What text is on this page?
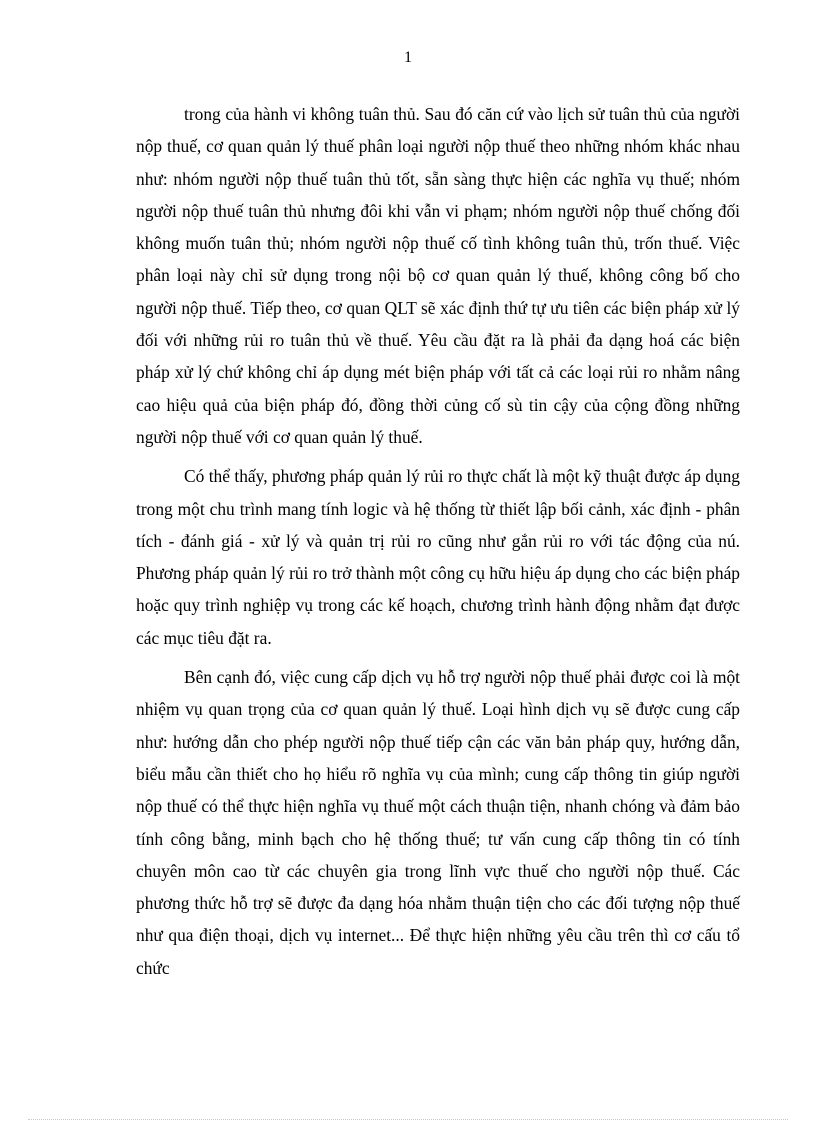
1

trong của hành vi không tuân thủ. Sau đó căn cứ vào lịch sử tuân thủ của người nộp thuế, cơ quan quản lý thuế phân loại người nộp thuế theo những nhóm khác nhau như: nhóm người nộp thuế tuân thủ tốt, sẵn sàng thực hiện các nghĩa vụ thuế; nhóm người nộp thuế tuân thủ nhưng đôi khi vẫn vi phạm; nhóm người nộp thuế chống đối không muốn tuân thủ; nhóm người nộp thuế cố tình không tuân thủ, trốn thuế. Việc phân loại này chỉ sử dụng trong nội bộ cơ quan quản lý thuế, không công bố cho người nộp thuế. Tiếp theo, cơ quan QLT sẽ xác định thứ tự ưu tiên các biện pháp xử lý đối với những rủi ro tuân thủ về thuế. Yêu cầu đặt ra là phải đa dạng hoá các biện pháp xử lý chứ không chỉ áp dụng mét biện pháp với tất cả các loại rủi ro nhằm nâng cao hiệu quả của biện pháp đó, đồng thời củng cố sù tin cậy của cộng đồng những người nộp thuế với cơ quan quản lý thuế.

Có thể thấy, phương pháp quản lý rủi ro thực chất là một kỹ thuật được áp dụng trong một chu trình mang tính logic và hệ thống từ thiết lập bối cảnh, xác định - phân tích - đánh giá - xử lý và quản trị rủi ro cũng như gắn rủi ro với tác động của nú. Phương pháp quản lý rủi ro trở thành một công cụ hữu hiệu áp dụng cho các biện pháp hoặc quy trình nghiệp vụ trong các kế hoạch, chương trình hành động nhằm đạt được các mục tiêu đặt ra.

Bên cạnh đó, việc cung cấp dịch vụ hỗ trợ người nộp thuế phải được coi là một nhiệm vụ quan trọng của cơ quan quản lý thuế. Loại hình dịch vụ sẽ được cung cấp như: hướng dẫn cho phép người nộp thuế tiếp cận các văn bản pháp quy, hướng dẫn, biểu mẫu cần thiết cho họ hiểu rõ nghĩa vụ của mình; cung cấp thông tin giúp người nộp thuế có thể thực hiện nghĩa vụ thuế một cách thuận tiện, nhanh chóng và đảm bảo tính công bằng, minh bạch cho hệ thống thuế; tư vấn cung cấp thông tin có tính chuyên môn cao từ các chuyên gia trong lĩnh vực thuế cho người nộp thuế. Các phương thức hỗ trợ sẽ được đa dạng hóa nhằm thuận tiện cho các đối tượng nộp thuế như qua điện thoại, dịch vụ internet... Để thực hiện những yêu cầu trên thì cơ cấu tổ chức
